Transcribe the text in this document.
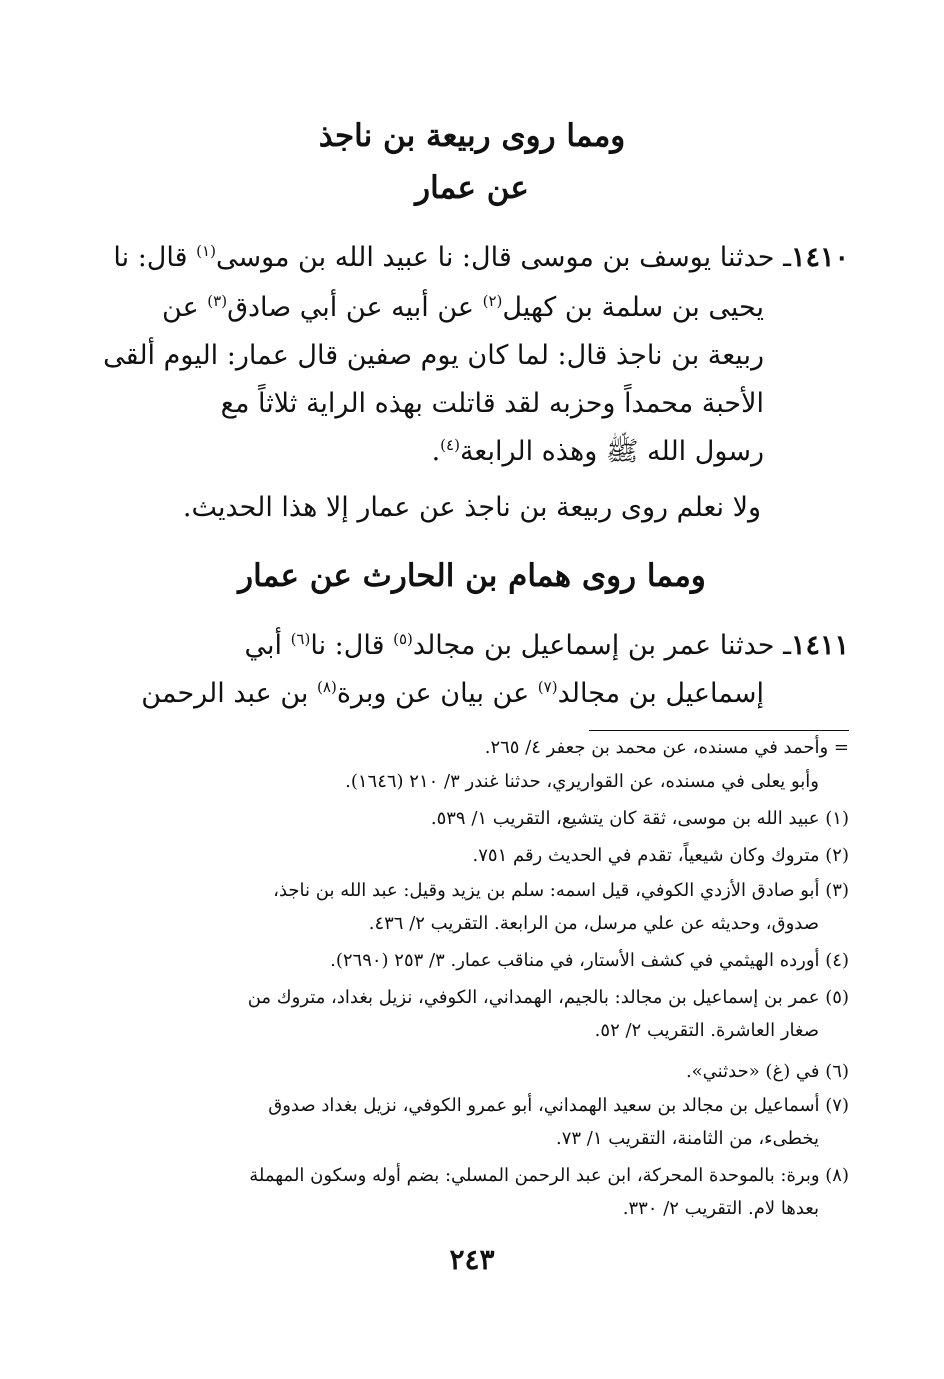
ومما روى ربيعة بن ناجذ
عن عمار
١٤١٠ـ حدثنا يوسف بن موسى قال: نا عبيد الله بن موسى$^{(١)}$ قال: نا
يحيى بن سلمة بن كهيل$^{(٢)}$ عن أبيه عن أبي صادق$^{(٣)}$ عن
ربيعة بن ناجذ قال: لما كان يوم صفين قال عمار: اليوم ألقى
الأحبة محمداً وحزبه لقد قاتلت بهذه الراية ثلاثاً مع
رسول الله ﷺ وهذه الرابعة$^{(٤)}$.
ولا نعلم روى ربيعة بن ناجذ عن عمار إلا هذا الحديث.
ومما روى همام بن الحارث عن عمار
١٤١١ـ حدثنا عمر بن إسماعيل بن مجالد$^{(٥)}$ قال: نا$^{(٦)}$ أبي
إسماعيل بن مجالد$^{(٧)}$ عن بيان عن وبرة$^{(٨)}$ بن عبد الرحمن
= وأحمد في مسنده، عن محمد بن جعفر ٤/ ٢٦٥.
وأبو يعلى في مسنده، عن القواريري، حدثنا غندر ٣/ ٢١٠ (١٦٤٦).
(١) عبيد الله بن موسى، ثقة كان يتشيع، التقريب ١/ ٥٣٩.
(٢) متروك وكان شيعياً، تقدم في الحديث رقم ٧٥١.
(٣) أبو صادق الأزدي الكوفي، قيل اسمه: سلم بن يزيد وقيل: عبد الله بن ناجذ،
صدوق، وحديثه عن علي مرسل، من الرابعة. التقريب ٢/ ٤٣٦.
(٤) أورده الهيثمي في كشف الأستار، في مناقب عمار. ٣/ ٢٥٣ (٢٦٩٠).
(٥) عمر بن إسماعيل بن مجالد: بالجيم، الهمداني، الكوفي، نزيل بغداد، متروك من
صغار العاشرة. التقريب ٢/ ٥٢.
(٦) في (غ) «حدثني».
(٧) أسماعيل بن مجالد بن سعيد الهمداني، أبو عمرو الكوفي، نزيل بغداد صدوق
يخطىء، من الثامنة، التقريب ١/ ٧٣.
(٨) وبرة: بالموحدة المحركة، ابن عبد الرحمن المسلي: بضم أوله وسكون المهملة
بعدها لام. التقريب ٢/ ٣٣٠.
٢٤٣
